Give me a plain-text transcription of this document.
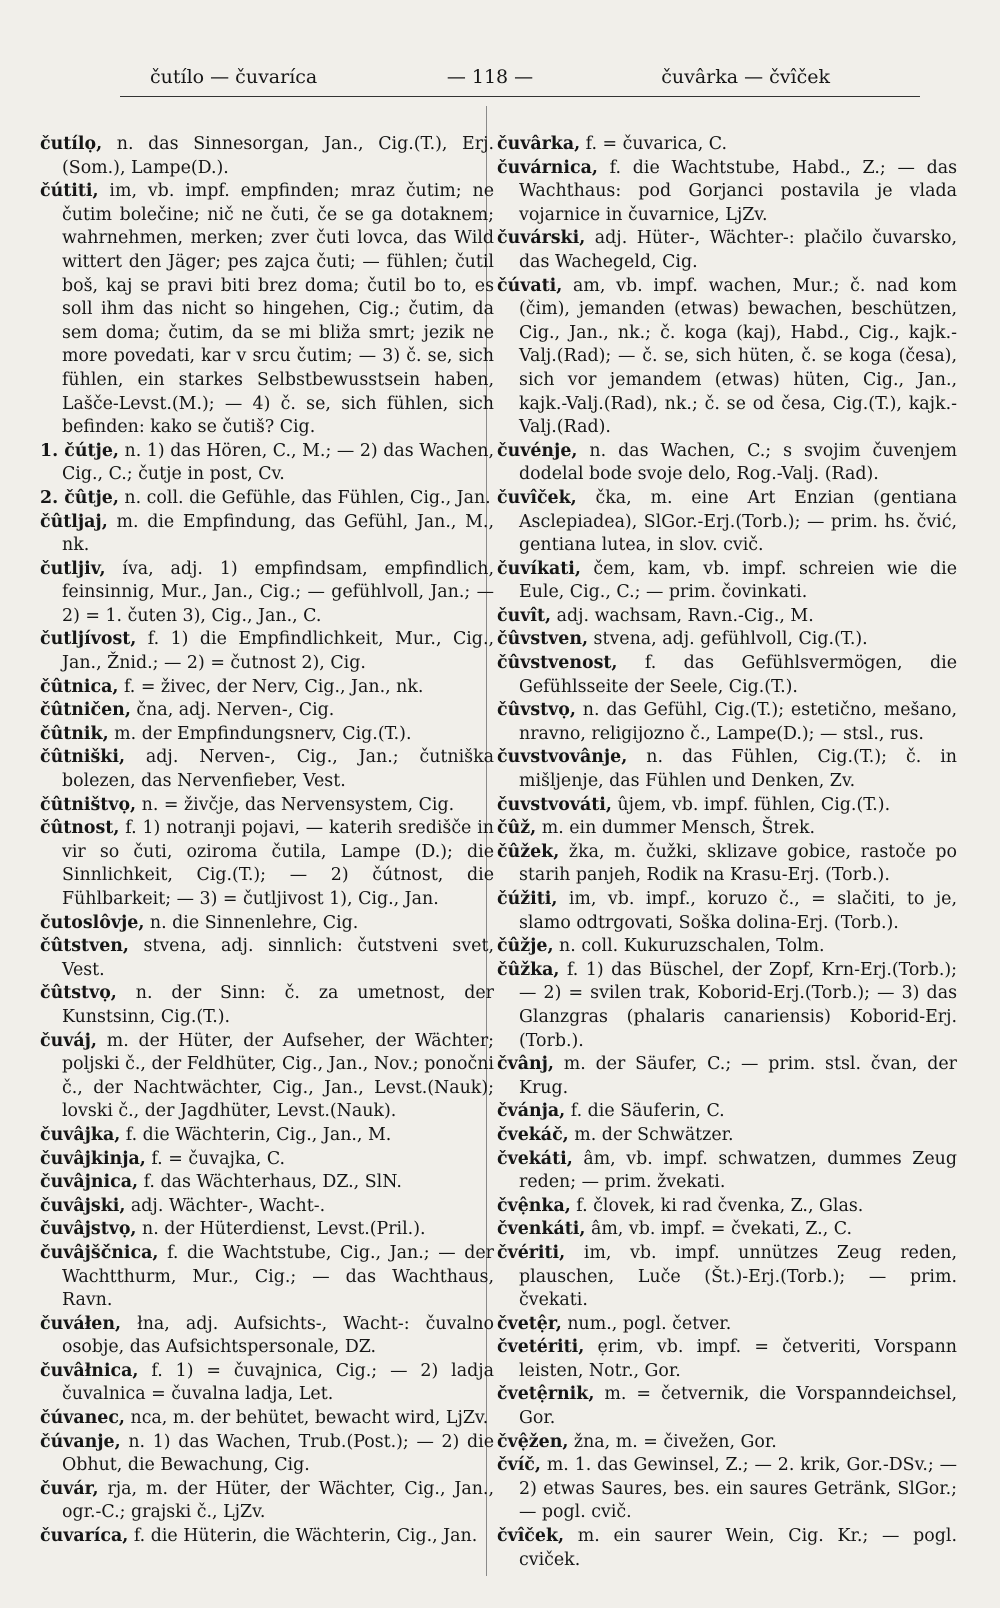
čutílo — čuvaríca	— 118 —	čuvârka — čvîček

čutílọ, n. das Sinnesorgan, Jan., Cig.(T.), Erj.(Som.), Lampe(D.).

čútiti, im, vb. impf. empfinden; mraz čutim; ne čutim bolečine; nič ne čuti, če se ga dotaknem; wahrnehmen, merken; zver čuti lovca, das Wild wittert den Jäger; pes zajca čuti; — fühlen; čutil boš, kaj se pravi biti brez doma; čutil bo to, es soll ihm das nicht so hingehen, Cig.; čutim, da sem doma; čutim, da se mi bliža smrt; jezik ne more povedati, kar v srcu čutim; — 3) č. se, sich fühlen, ein starkes Selbstbewusstsein haben, Lašče-Levst.(M.); — 4) č. se, sich fühlen, sich befinden: kako se čutiš? Cig.

1. čútje, n. 1) das Hören, C., M.; — 2) das Wachen, Cig., C.; čutje in post, Cv.

2. čûtje, n. coll. die Gefühle, das Fühlen, Cig., Jan.

čûtljaj, m. die Empfindung, das Gefühl, Jan., M., nk.

čutljiv, íva, adj. 1) empfindsam, empfindlich, feinsinnig, Mur., Jan., Cig.; — gefühlvoll, Jan.; — 2) = 1. čuten 3), Cig., Jan., C.

čutljívost, f. 1) die Empfindlichkeit, Mur., Cig., Jan., Žnid.; — 2) = čutnost 2), Cig.

čûtnica, f. = živec, der Nerv, Cig., Jan., nk.

čûtničen, čna, adj. Nerven-, Cig.

čûtnik, m. der Empfindungsnerv, Cig.(T.).

čûtniški, adj. Nerven-, Cig., Jan.; čutniška bolezen, das Nervenfieber, Vest.

čûtništvọ, n. = živčje, das Nervensystem, Cig.

čûtnost, f. 1) notranji pojavi, — katerih središče in vir so čuti, oziroma čutila, Lampe (D.); die Sinnlichkeit, Cig.(T.); — 2) čútnost, die Fühlbarkeit; — 3) = čutljivost 1), Cig., Jan.

čutoslôvje, n. die Sinnenlehre, Cig.

čûtstven, stvena, adj. sinnlich: čutstveni svet, Vest.

čûtstvọ, n. der Sinn: č. za umetnost, der Kunstsinn, Cig.(T.).

čuváj, m. der Hüter, der Aufseher, der Wächter; poljski č., der Feldhüter, Cig., Jan., Nov.; ponočni č., der Nachtwächter, Cig., Jan., Levst.(Nauk); lovski č., der Jagdhüter, Levst.(Nauk).

čuvâjka, f. die Wächterin, Cig., Jan., M.

čuvâjkinja, f. = čuvajka, C.

čuvâjnica, f. das Wächterhaus, DZ., SlN.

čuvâjski, adj. Wächter-, Wacht-.

čuvâjstvọ, n. der Hüterdienst, Levst.(Pril.).

čuvâjšč́nica, f. die Wachtstube, Cig., Jan.; — der Wachtthurm, Mur., Cig.; — das Wachthaus, Ravn.

čuváłen, łna, adj. Aufsichts-, Wacht-: čuvalno osobje, das Aufsichtspersonale, DZ.

čuvâłnica, f. 1) = čuvajnica, Cig.; — 2) ladja čuvalnica = čuvalna ladja, Let.

čúvanec, nca, m. der behütet, bewacht wird, LjZv.

čúvanje, n. 1) das Wachen, Trub.(Post.); — 2) die Obhut, die Bewachung, Cig.

čuvár, rja, m. der Hüter, der Wächter, Cig., Jan., ogr.-C.; grajski č., LjZv.

čuvaríca, f. die Hüterin, die Wächterin, Cig., Jan.

čuvârka, f. = čuvarica, C.

čuvárnica, f. die Wachtstube, Habd., Z.; — das Wachthaus: pod Gorjanci postavila je vlada vojarnice in čuvarnice, LjZv.

čuvárski, adj. Hüter-, Wächter-: plačilo čuvarsko, das Wachegeld, Cig.

čúvati, am, vb. impf. wachen, Mur.; č. nad kom (čim), jemanden (etwas) bewachen, beschützen, Cig., Jan., nk.; č. koga (kaj), Habd., Cig., kajk.-Valj.(Rad); — č. se, sich hüten, č. se koga (česa), sich vor jemandem (etwas) hüten, Cig., Jan., kajk.-Valj.(Rad), nk.; č. se od česa, Cig.(T.), kajk.-Valj.(Rad).

čuvénje, n. das Wachen, C.; s svojim čuvenjem dodelal bode svoje delo, Rog.-Valj. (Rad).

čuvîček, čka, m. eine Art Enzian (gentiana Asclepiadea), SlGor.-Erj.(Torb.); — prim. hs. čvić, gentiana lutea, in slov. cvič.

čuvíkati, čem, kam, vb. impf. schreien wie die Eule, Cig., C.; — prim. čovinkati.

čuvît, adj. wachsam, Ravn.-Cig., M.

čûvstven, stvena, adj. gefühlvoll, Cig.(T.).

čûvstvenost, f. das Gefühlsvermögen, die Gefühlsseite der Seele, Cig.(T.).

čûvstvọ, n. das Gefühl, Cig.(T.); estetično, mešano, nravno, religijozno č., Lampe(D.); — stsl., rus.

čuvstvovânje, n. das Fühlen, Cig.(T.); č. in mišljenje, das Fühlen und Denken, Zv.

čuvstvováti, ûjem, vb. impf. fühlen, Cig.(T.).

čûž, m. ein dummer Mensch, Štrek.

čûžek, žka, m. čužki, sklizave gobice, rastoče po starih panjeh, Rodik na Krasu-Erj. (Torb.).

čúžiti, im, vb. impf., koruzo č., = slačiti, to je, slamo odtrgovati, Soška dolina-Erj. (Torb.).

čûžje, n. coll. Kukuruzschalen, Tolm.

čûžka, f. 1) das Büschel, der Zopf, Krn-Erj.(Torb.); — 2) = svilen trak, Koborid-Erj.(Torb.); — 3) das Glanzgras (phalaris canariensis) Koborid-Erj.(Torb.).

čvânj, m. der Säufer, C.; — prim. stsl. čvan, der Krug.

čvánja, f. die Säuferin, C.

čvekáč, m. der Schwätzer.

čvekáti, âm, vb. impf. schwatzen, dummes Zeug reden; — prim. žvekati.

čvệnka, f. človek, ki rad čvenka, Z., Glas.

čvenkáti, âm, vb. impf. = čvekati, Z., C.

čvériti, im, vb. impf. unnützes Zeug reden, plauschen, Luče (Št.)-Erj.(Torb.); — prim. čvekati.

čvetệr, num., pogl. četver.

čvetériti, ẹrim, vb. impf. = četveriti, Vorspann leisten, Notr., Gor.

čvetệrnik, m. = četvernik, die Vorspanndeichsel, Gor.

čvệžen, žna, m. = čivežen, Gor.

čvíč, m. 1. das Gewinsel, Z.; — 2. krik, Gor.-DSv.; — 2) etwas Saures, bes. ein saures Getränk, SlGor.; — pogl. cvič.

čvîček, m. ein saurer Wein, Cig. Kr.; — pogl. cviček.
